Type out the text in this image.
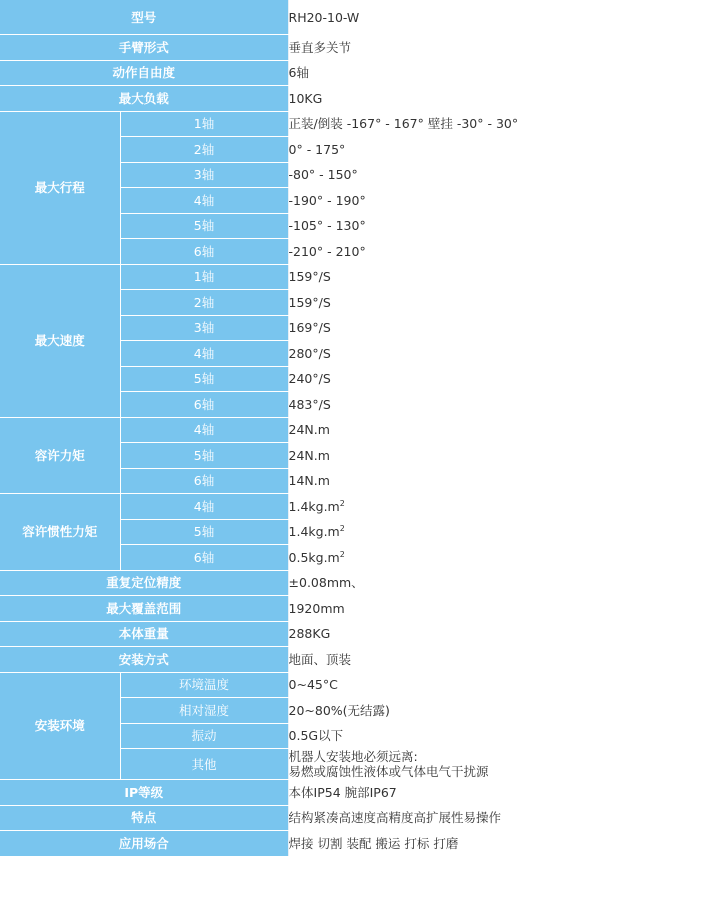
型号		RH20-10-W
手臂形式		垂直多关节
动作自由度		6轴
最大负载		10KG
最大行程	1轴	正装/倒装 -167° - 167° 壁挂 -30° - 30°
	2轴	0° - 175°
	3轴	-80° - 150°
	4轴	-190° - 190°
	5轴	-105° - 130°
	6轴	-210° - 210°
最大速度	1轴	159°/S
	2轴	159°/S
	3轴	169°/S
	4轴	280°/S
	5轴	240°/S
	6轴	483°/S
容许力矩	4轴	24N.m
	5轴	24N.m
	6轴	14N.m
容许惯性力矩	4轴	$1.4kg.m^2$
	5轴	$1.4kg.m^2$
	6轴	$0.5kg.m^2$
重复定位精度		±0.08mm、
最大覆盖范围		1920mm
本体重量		288KG
安装方式		地面、顶装
安装环境	环境温度	0~45°C
	相对湿度	20~80%(无结露)
	振动	0.5G以下
	其他	机器人安装地必须远离:
易燃或腐蚀性液体或气体电气干扰源

IP等级		本体IP54 腕部IP67
特点		结构紧凑高速度高精度高扩展性易操作
应用场合		焊接 切割 装配 搬运 打标 打磨
